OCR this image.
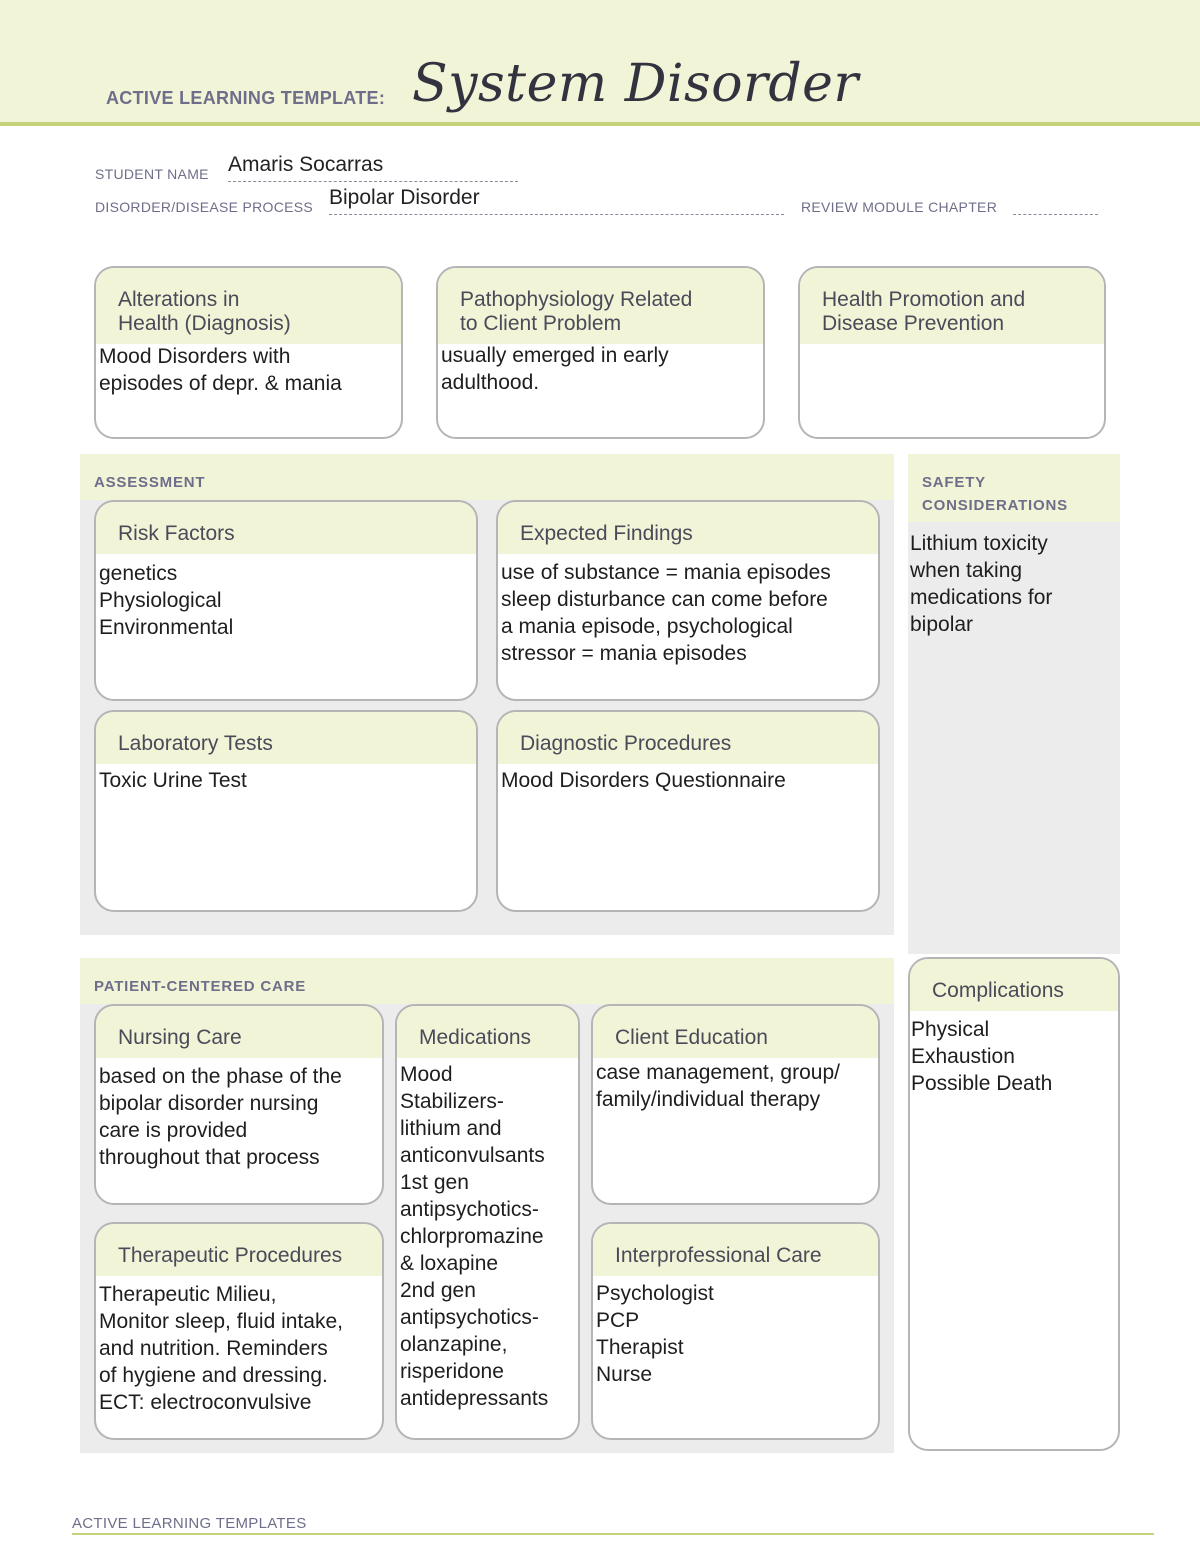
ACTIVE LEARNING TEMPLATE: System Disorder
STUDENT NAME Amaris Socarras
DISORDER/DISEASE PROCESS Bipolar Disorder	REVIEW MODULE CHAPTER
Alterations in
Health (Diagnosis)
Mood Disorders with
episodes of depr. & mania
Pathophysiology Related
to Client Problem
usually emerged in early
adulthood.
Health Promotion and
Disease Prevention
ASSESSMENT
Risk Factors
genetics
Physiological
Environmental
Expected Findings
use of substance = mania episodes
sleep disturbance can come before
a mania episode, psychological
stressor = mania episodes
Laboratory Tests
Toxic Urine Test
Diagnostic Procedures
Mood Disorders Questionnaire
SAFETY
CONSIDERATIONS
Lithium toxicity
when taking
medications for
bipolar
PATIENT-CENTERED CARE
Nursing Care
based on the phase of the
bipolar disorder nursing
care is provided
throughout that process
Medications
Mood
Stabilizers-
lithium and
anticonvulsants
1st gen
antipsychotics-
chlorpromazine
& loxapine
2nd gen
antipsychotics-
olanzapine,
risperidone
antidepressants
Client Education
case management, group/
family/individual therapy
Therapeutic Procedures
Therapeutic Milieu,
Monitor sleep, fluid intake,
and nutrition. Reminders
of hygiene and dressing.
ECT: electroconvulsive
Interprofessional Care
Psychologist
PCP
Therapist
Nurse
Complications
Physical
Exhaustion
Possible Death
ACTIVE LEARNING TEMPLATES
